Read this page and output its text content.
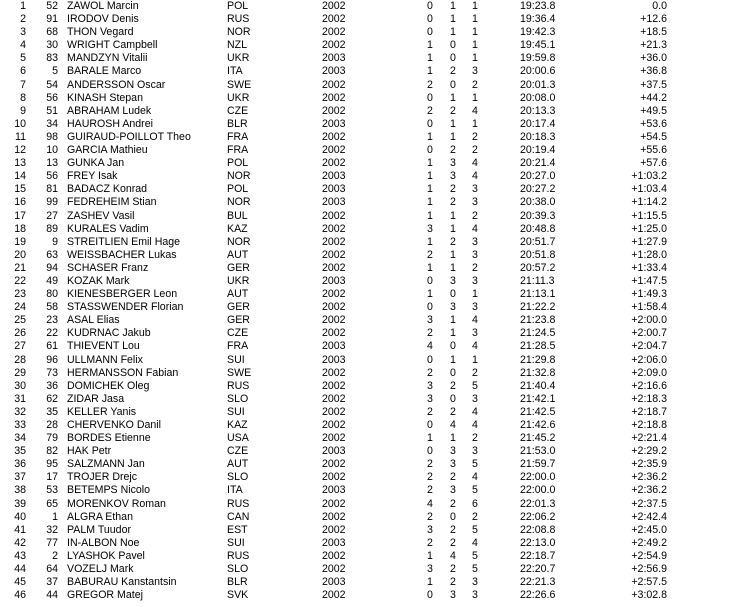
1	52 ZAWOL Marcin	POL	2002	0 1 1	19:23.8	0.0
2	91 IRODOV Denis	RUS	2002	0 1 1	19:36.4	+12.6
3	68 THON Vegard	NOR	2002	0 1 1	19:42.3	+18.5
4	30 WRIGHT Campbell	NZL	2002	1 0 1	19:45.1	+21.3
5	83 MANDZYN Vitalii	UKR	2003	1 0 1	19:59.8	+36.0
6	5 BARALE Marco	ITA	2003	1 2 3	20:00.6	+36.8
7	54 ANDERSSON Oscar	SWE	2002	2 0 2	20:01.3	+37.5
8	56 KINASH Stepan	UKR	2002	0 1 1	20:08.0	+44.2
9	51 ABRAHAM Ludek	CZE	2002	2 2 4	20:13.3	+49.5
10	34 HAUROSH Andrei	BLR	2003	0 1 1	20:17.4	+53.6
11	98 GUIRAUD-POILLOT Theo	FRA	2002	1 1 2	20:18.3	+54.5
12	10 GARCIA Mathieu	FRA	2002	0 2 2	20:19.4	+55.6
13	13 GUNKA Jan	POL	2002	1 3 4	20:21.4	+57.6
14	56 FREY Isak	NOR	2003	1 3 4	20:27.0	+1:03.2
15	81 BADACZ Konrad	POL	2003	1 2 3	20:27.2	+1:03.4
16	99 FEDREHEIM Stian	NOR	2003	1 2 3	20:38.0	+1:14.2
17	27 ZASHEV Vasil	BUL	2002	1 1 2	20:39.3	+1:15.5
18	89 KURALES Vadim	KAZ	2002	3 1 4	20:48.8	+1:25.0
19	9 STREITLIEN Emil Hage	NOR	2002	1 2 3	20:51.7	+1:27.9
20	63 WEISSBACHER Lukas	AUT	2002	2 1 3	20:51.8	+1:28.0
21	94 SCHASER Franz	GER	2002	1 1 2	20:57.2	+1:33.4
22	49 KOZAK Mark	UKR	2003	0 3 3	21:11.3	+1:47.5
23	80 KIENESBERGER Leon	AUT	2002	1 0 1	21:13.1	+1:49.3
24	58 STASSWENDER Florian	GER	2002	0 3 3	21:22.2	+1:58.4
25	23 ASAL Elias	GER	2002	3 1 4	21:23.8	+2:00.0
26	22 KUDRNAC Jakub	CZE	2002	2 1 3	21:24.5	+2:00.7
27	61 THIEVENT Lou	FRA	2003	4 0 4	21:28.5	+2:04.7
28	96 ULLMANN Felix	SUI	2003	0 1 1	21:29.8	+2:06.0
29	73 HERMANSSON Fabian	SWE	2002	2 0 2	21:32.8	+2:09.0
30	36 DOMICHEK Oleg	RUS	2002	3 2 5	21:40.4	+2:16.6
31	62 ZIDAR Jasa	SLO	2002	3 0 3	21:42.1	+2:18.3
32	35 KELLER Yanis	SUI	2002	2 2 4	21:42.5	+2:18.7
33	28 CHERVENKO Danil	KAZ	2002	0 4 4	21:42.6	+2:18.8
34	79 BORDES Etienne	USA	2002	1 1 2	21:45.2	+2:21.4
35	82 HAK Petr	CZE	2003	0 3 3	21:53.0	+2:29.2
36	95 SALZMANN Jan	AUT	2002	2 3 5	21:59.7	+2:35.9
37	17 TROJER Drejc	SLO	2002	2 2 4	22:00.0	+2:36.2
38	53 BETEMPS Nicolo	ITA	2003	2 3 5	22:00.0	+2:36.2
39	65 MORENKOV Roman	RUS	2002	4 2 6	22:01.3	+2:37.5
40	1 ALGRA Ethan	CAN	2002	2 0 2	22:06.2	+2:42.4
41	32 PALM Tuudor	EST	2002	3 2 5	22:08.8	+2:45.0
42	77 IN-ALBON Noe	SUI	2003	2 2 4	22:13.0	+2:49.2
43	2 LYASHOK Pavel	RUS	2002	1 4 5	22:18.7	+2:54.9
44	64 VOZELJ Mark	SLO	2002	3 2 5	22:20.7	+2:56.9
45	37 BABURAU Kanstantsin	BLR	2003	1 2 3	22:21.3	+2:57.5
46	44 GREGOR Matej	SVK	2002	0 3 3	22:26.6	+3:02.8
